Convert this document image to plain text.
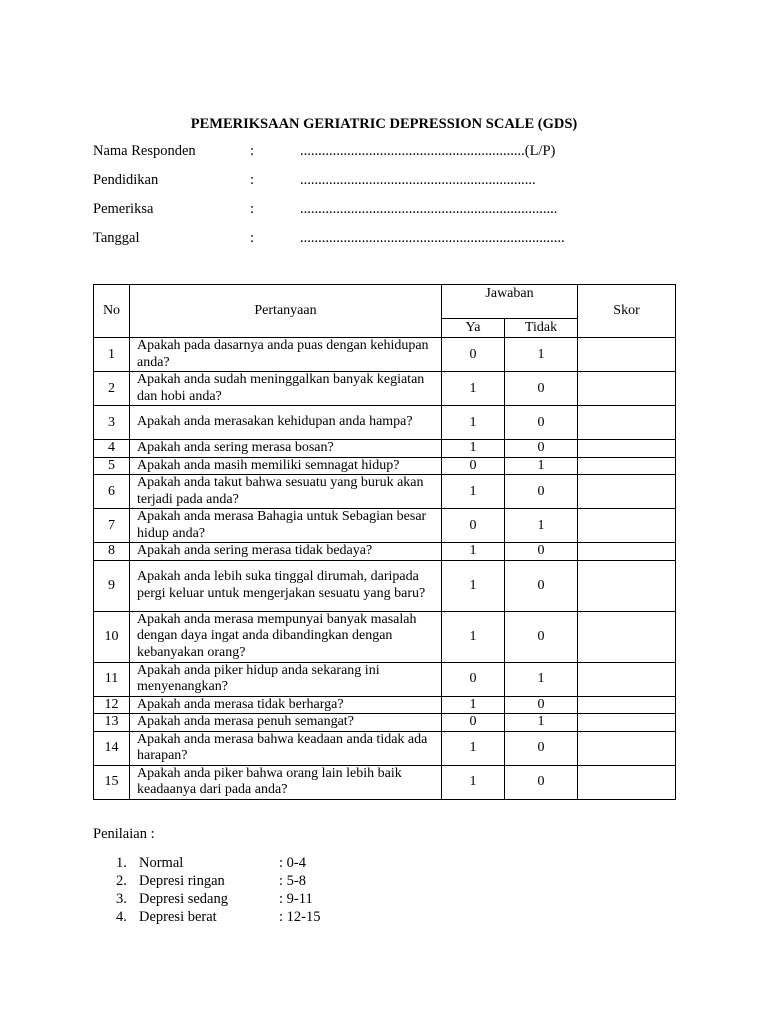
PEMERIKSAAN GERIATRIC DEPRESSION SCALE (GDS)
Nama Responden	:	..............................................................(L/P)
Pendidikan	:	.................................................................
Pemeriksa	:	.......................................................................
Tanggal	:	.........................................................................
No	Pertanyaan	Jawaban		Skor
		Ya	Tidak	
1	Apakah pada dasarnya anda puas dengan kehidupan anda?	0	1	
2	Apakah anda sudah meninggalkan banyak kegiatan dan hobi anda?	1	0	
3	Apakah anda merasakan kehidupan anda hampa?	1	0	
4	Apakah anda sering merasa bosan?	1	0	
5	Apakah anda masih memiliki semnagat hidup?	0	1	
6	Apakah anda takut bahwa sesuatu yang buruk akan terjadi pada anda?	1	0	
7	Apakah anda merasa Bahagia untuk Sebagian besar hidup anda?	0	1	
8	Apakah anda sering merasa tidak bedaya?	1	0	
9	Apakah anda lebih suka tinggal dirumah, daripada pergi keluar untuk mengerjakan sesuatu yang baru?	1	0	
10	Apakah anda merasa mempunyai banyak masalah dengan daya ingat anda dibandingkan dengan kebanyakan orang?	1	0	
11	Apakah anda piker hidup anda sekarang ini menyenangkan?	0	1	
12	Apakah anda merasa tidak berharga?	1	0	
13	Apakah anda merasa penuh semangat?	0	1	
14	Apakah anda merasa bahwa keadaan anda tidak ada harapan?	1	0	
15	Apakah anda piker bahwa orang lain lebih baik keadaanya dari pada anda?	1	0	
Penilaian :
1. Normal	: 0-4
2. Depresi ringan	: 5-8
3. Depresi sedang	: 9-11
4. Depresi berat	: 12-15
